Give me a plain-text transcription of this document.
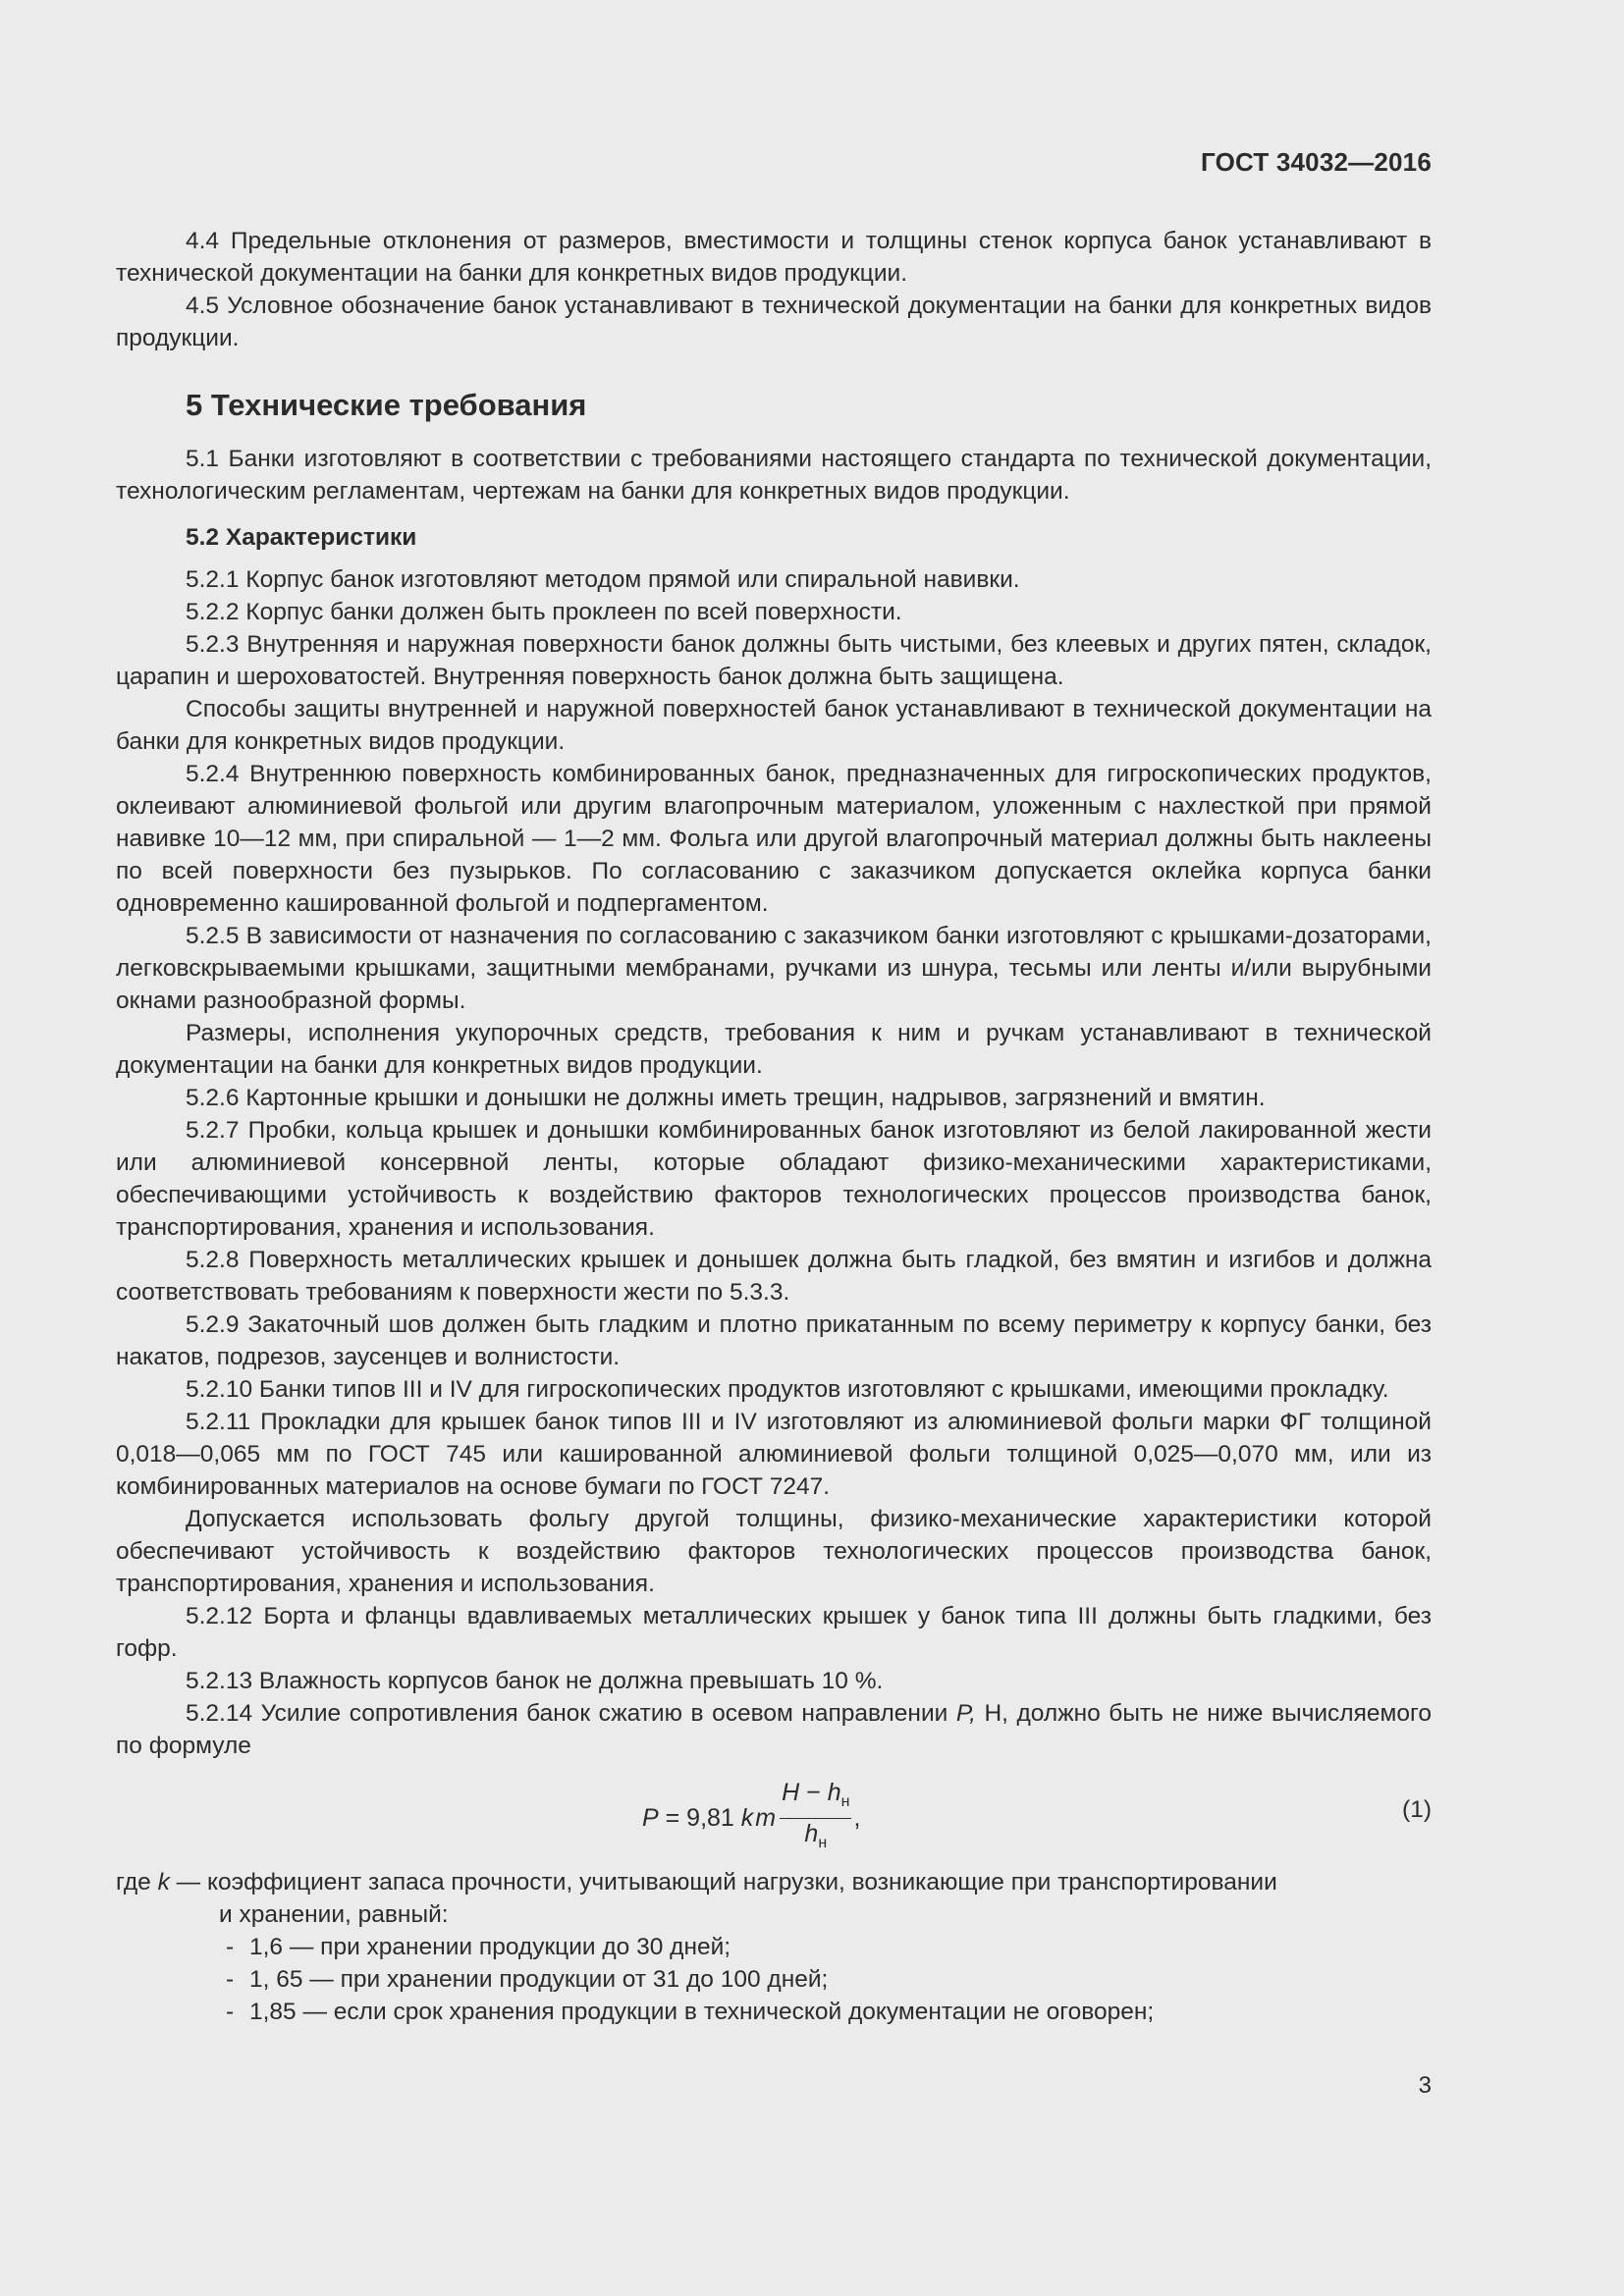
ГОСТ 34032—2016

4.4 Предельные отклонения от размеров, вместимости и толщины стенок корпуса банок устанавливают в технической документации на банки для конкретных видов продукции.

4.5 Условное обозначение банок устанавливают в технической документации на банки для конкретных видов продукции.

5 Технические требования

5.1 Банки изготовляют в соответствии с требованиями настоящего стандарта по технической документации, технологическим регламентам, чертежам на банки для конкретных видов продукции.

5.2 Характеристики

5.2.1 Корпус банок изготовляют методом прямой или спиральной навивки.

5.2.2 Корпус банки должен быть проклеен по всей поверхности.

5.2.3 Внутренняя и наружная поверхности банок должны быть чистыми, без клеевых и других пятен, складок, царапин и шероховатостей. Внутренняя поверхность банок должна быть защищена.

Способы защиты внутренней и наружной поверхностей банок устанавливают в технической документации на банки для конкретных видов продукции.

5.2.4 Внутреннюю поверхность комбинированных банок, предназначенных для гигроскопических продуктов, оклеивают алюминиевой фольгой или другим влагопрочным материалом, уложенным с нахлесткой при прямой навивке 10—12 мм, при спиральной — 1—2 мм. Фольга или другой влагопрочный материал должны быть наклеены по всей поверхности без пузырьков. По согласованию с заказчиком допускается оклейка корпуса банки одновременно кашированной фольгой и подпергаментом.

5.2.5 В зависимости от назначения по согласованию с заказчиком банки изготовляют с крышками-дозаторами, легковскрываемыми крышками, защитными мембранами, ручками из шнура, тесьмы или ленты и/или вырубными окнами разнообразной формы.

Размеры, исполнения укупорочных средств, требования к ним и ручкам устанавливают в технической документации на банки для конкретных видов продукции.

5.2.6 Картонные крышки и донышки не должны иметь трещин, надрывов, загрязнений и вмятин.

5.2.7 Пробки, кольца крышек и донышки комбинированных банок изготовляют из белой лакированной жести или алюминиевой консервной ленты, которые обладают физико-механическими характеристиками, обеспечивающими устойчивость к воздействию факторов технологических процессов производства банок, транспортирования, хранения и использования.

5.2.8 Поверхность металлических крышек и донышек должна быть гладкой, без вмятин и изгибов и должна соответствовать требованиям к поверхности жести по 5.3.3.

5.2.9 Закаточный шов должен быть гладким и плотно прикатанным по всему периметру к корпусу банки, без накатов, подрезов, заусенцев и волнистости.

5.2.10 Банки типов III и IV для гигроскопических продуктов изготовляют с крышками, имеющими прокладку.

5.2.11 Прокладки для крышек банок типов III и IV изготовляют из алюминиевой фольги марки ФГ толщиной 0,018—0,065 мм по ГОСТ 745 или кашированной алюминиевой фольги толщиной 0,025—0,070 мм, или из комбинированных материалов на основе бумаги по ГОСТ 7247.

Допускается использовать фольгу другой толщины, физико-механические характеристики которой обеспечивают устойчивость к воздействию факторов технологических процессов производства банок, транспортирования, хранения и использования.

5.2.12 Борта и фланцы вдавливаемых металлических крышек у банок типа III должны быть гладкими, без гофр.

5.2.13 Влажность корпусов банок не должна превышать 10 %.

5.2.14 Усилие сопротивления банок сжатию в осевом направлении P, Н, должно быть не ниже вычисляемого по формуле

P = 9,81 k m $\frac{H - h_н}{h_н}$ ,	(1)
где k — коэффициент запаса прочности, учитывающий нагрузки, возникающие при транспортировании
и хранении, равный:
- 1,6 — при хранении продукции до 30 дней;
- 1, 65 — при хранении продукции от 31 до 100 дней;
- 1,85 — если срок хранения продукции в технической документации не оговорен;
3
